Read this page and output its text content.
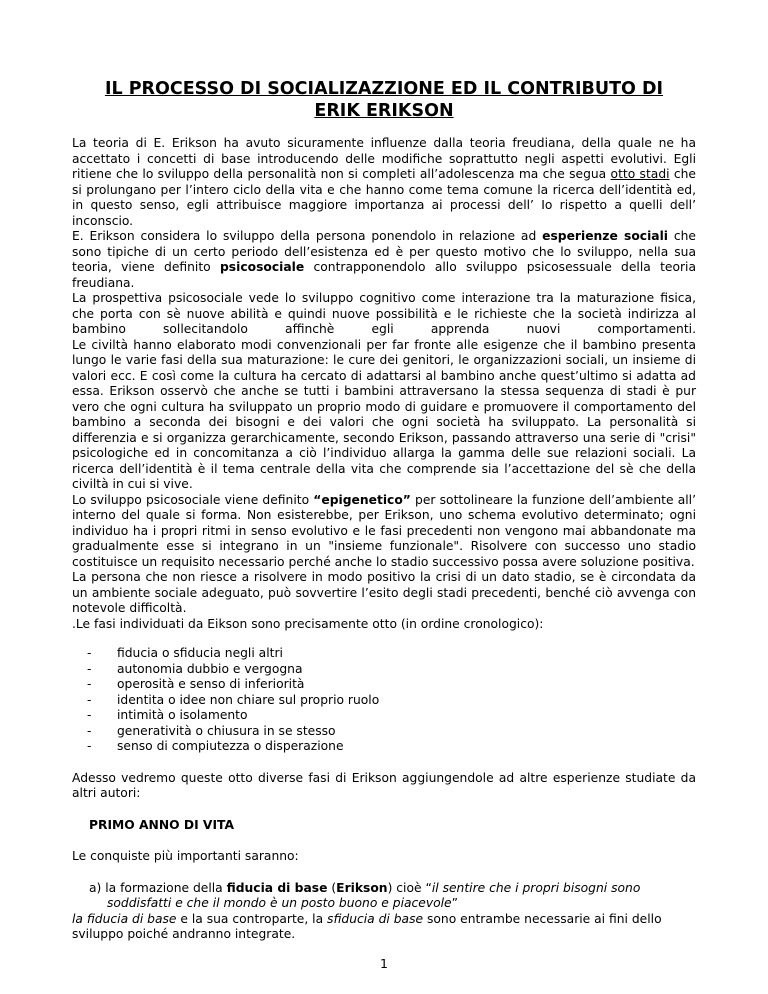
IL PROCESSO DI SOCIALIZAZZIONE ED IL CONTRIBUTO DI
ERIK ERIKSON

La teoria di E. Erikson ha avuto sicuramente influenze dalla teoria freudiana, della quale ne ha accettato i concetti di base introducendo delle modifiche soprattutto negli aspetti evolutivi. Egli ritiene che lo sviluppo della personalità non si completi all’adolescenza ma che segua otto stadi che si prolungano per l’intero ciclo della vita e che hanno come tema comune la ricerca dell’identità ed, in questo senso, egli attribuisce maggiore importanza ai processi dell’ Io rispetto a quelli dell’ inconscio.

E. Erikson considera lo sviluppo della persona ponendolo in relazione ad esperienze sociali che sono tipiche di un certo periodo dell’esistenza ed è per questo motivo che lo sviluppo, nella sua teoria, viene definito psicosociale contrapponendolo allo sviluppo psicosessuale della teoria freudiana.

La prospettiva psicosociale vede lo sviluppo cognitivo come interazione tra la maturazione fisica, che porta con sè nuove abilità e quindi nuove possibilità e le richieste che la società indirizza al bambino sollecitandolo affinchè egli apprenda nuovi comportamenti.

Le civiltà hanno elaborato modi convenzionali per far fronte alle esigenze che il bambino presenta lungo le varie fasi della sua maturazione: le cure dei genitori, le organizzazioni sociali, un insieme di valori ecc. E così come la cultura ha cercato di adattarsi al bambino anche quest’ultimo si adatta ad essa. Erikson osservò che anche se tutti i bambini attraversano la stessa sequenza di stadi è pur vero che ogni cultura ha sviluppato un proprio modo di guidare e promuovere il comportamento del bambino a seconda dei bisogni e dei valori che ogni società ha sviluppato. La personalità si differenzia e si organizza gerarchicamente, secondo Erikson, passando attraverso una serie di "crisi" psicologiche ed in concomitanza a ciò l’individuo allarga la gamma delle sue relazioni sociali. La ricerca dell’identità è il tema centrale della vita che comprende sia l’accettazione del sè che della civiltà in cui si vive.

Lo sviluppo psicosociale viene definito “epigenetico” per sottolineare la funzione dell’ambiente all’ interno del quale si forma. Non esisterebbe, per Erikson, uno schema evolutivo determinato; ogni individuo ha i propri ritmi in senso evolutivo e le fasi precedenti non vengono mai abbandonate ma gradualmente esse si integrano in un "insieme funzionale". Risolvere con successo uno stadio costituisce un requisito necessario perché anche lo stadio successivo possa avere soluzione positiva.

La persona che non riesce a risolvere in modo positivo la crisi di un dato stadio, se è circondata da un ambiente sociale adeguato, può sovvertire l’esito degli stadi precedenti, benché ciò avvenga con notevole difficoltà.

.Le fasi individuati da Eikson sono precisamente otto (in ordine cronologico):

- fiducia o sfiducia negli altri
- autonomia dubbio e vergogna
- operosità e senso di inferiorità
- identita o idee non chiare sul proprio ruolo
- intimità o isolamento
- generatività o chiusura in se stesso
- senso di compiutezza o disperazione

Adesso vedremo queste otto diverse fasi di Erikson aggiungendole ad altre esperienze studiate da altri autori:

PRIMO ANNO DI VITA

Le conquiste più importanti saranno:

a) la formazione della fiducia di base (Erikson) cioè “il sentire che i propri bisogni sono soddisfatti e che il mondo è un posto buono e piacevole”

la fiducia di base e la sua controparte, la sfiducia di base sono entrambe necessarie ai fini dello sviluppo poiché andranno integrate.

1
